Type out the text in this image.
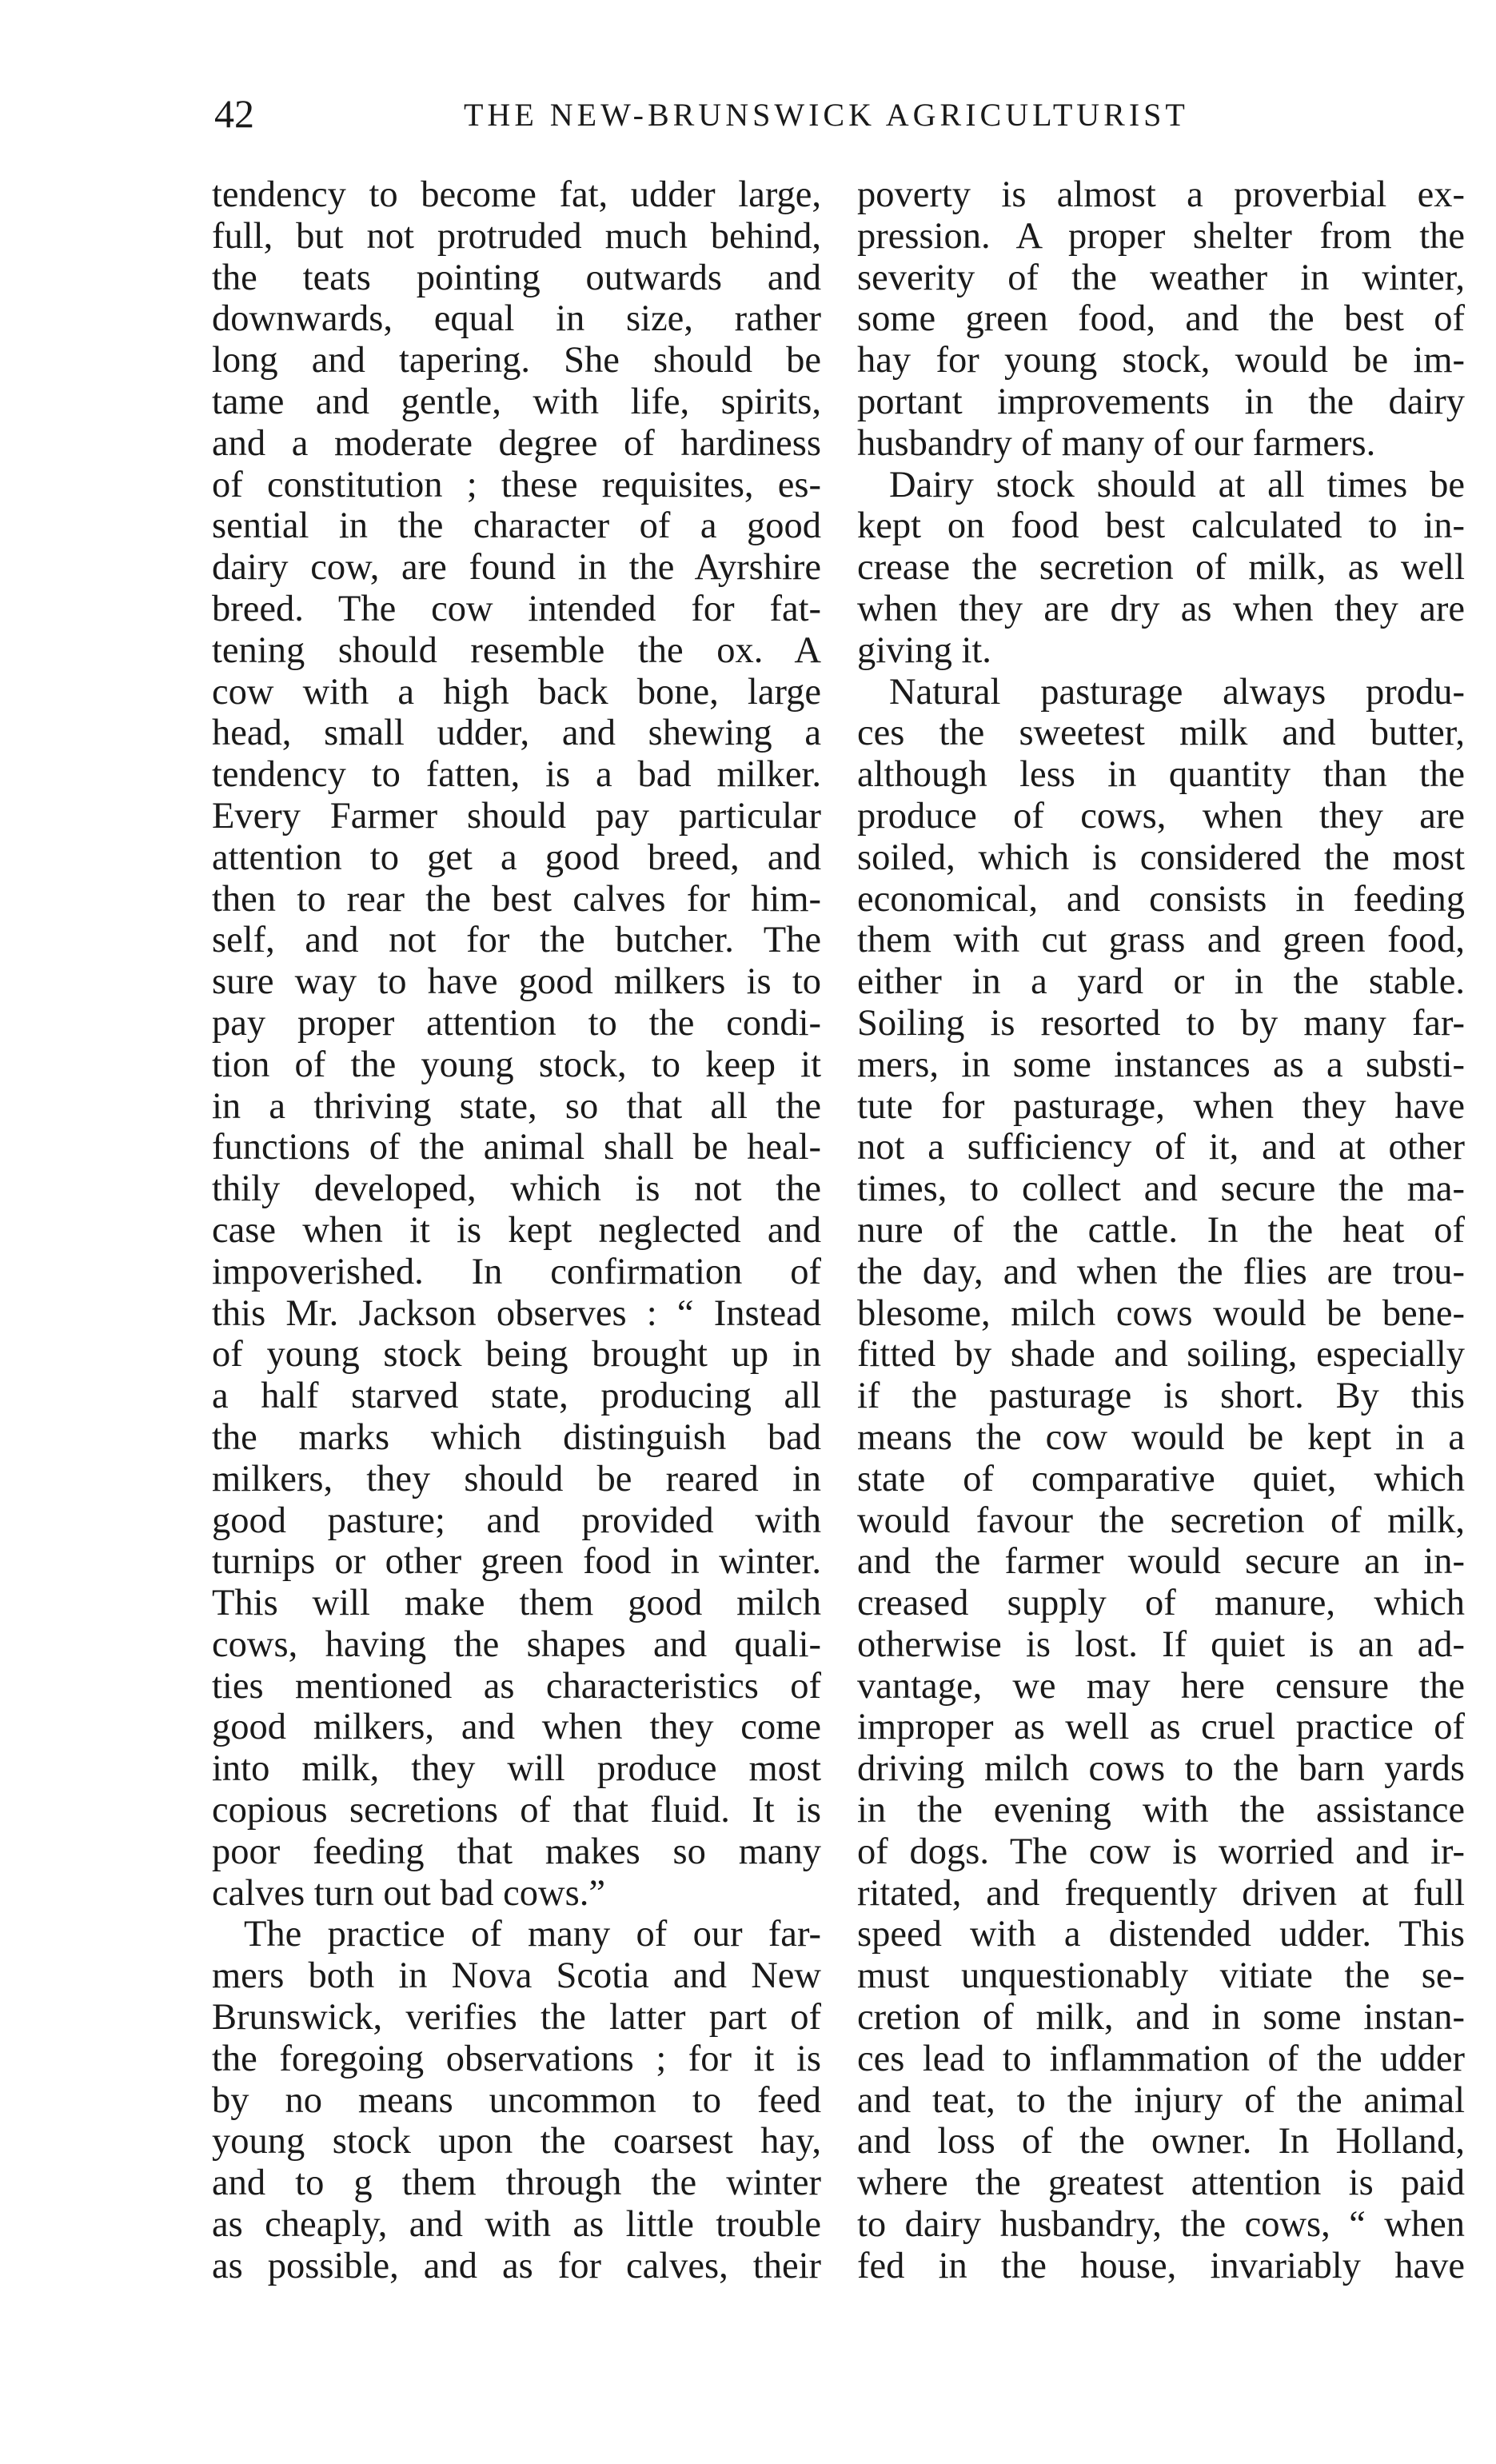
42	THE NEW-BRUNSWICK AGRICULTURIST
tendency to become fat, udder large,
full, but not protruded much behind,
the teats pointing outwards and
downwards, equal in size, rather
long and tapering. She should be
tame and gentle, with life, spirits,
and a moderate degree of hardiness
of constitution ; these requisites, es-
sential in the character of a good
dairy cow, are found in the Ayrshire
breed. The cow intended for fat-
tening should resemble the ox. A
cow with a high back bone, large
head, small udder, and shewing a
tendency to fatten, is a bad milker.
Every Farmer should pay particular
attention to get a good breed, and
then to rear the best calves for him-
self, and not for the butcher. The
sure way to have good milkers is to
pay proper attention to the condi-
tion of the young stock, to keep it
in a thriving state, so that all the
functions of the animal shall be heal-
thily developed, which is not the
case when it is kept neglected and
impoverished. In confirmation of
this Mr. Jackson observes : “ Instead
of young stock being brought up in
a half starved state, producing all
the marks which distinguish bad
milkers, they should be reared in
good pasture; and provided with
turnips or other green food in winter.
This will make them good milch
cows, having the shapes and quali-
ties mentioned as characteristics of
good milkers, and when they come
into milk, they will produce most
copious secretions of that fluid. It is
poor feeding that makes so many
calves turn out bad cows.”
The practice of many of our far-
mers both in Nova Scotia and New
Brunswick, verifies the latter part of
the foregoing observations ; for it is
by no means uncommon to feed
young stock upon the coarsest hay,
and to g them through the winter
as cheaply, and with as little trouble
as possible, and as for calves, their
poverty is almost a proverbial ex-
pression. A proper shelter from the
severity of the weather in winter,
some green food, and the best of
hay for young stock, would be im-
portant improvements in the dairy
husbandry of many of our farmers.
Dairy stock should at all times be
kept on food best calculated to in-
crease the secretion of milk, as well
when they are dry as when they are
giving it.
Natural pasturage always produ-
ces the sweetest milk and butter,
although less in quantity than the
produce of cows, when they are
soiled, which is considered the most
economical, and consists in feeding
them with cut grass and green food,
either in a yard or in the stable.
Soiling is resorted to by many far-
mers, in some instances as a substi-
tute for pasturage, when they have
not a sufficiency of it, and at other
times, to collect and secure the ma-
nure of the cattle. In the heat of
the day, and when the flies are trou-
blesome, milch cows would be bene-
fitted by shade and soiling, especially
if the pasturage is short. By this
means the cow would be kept in a
state of comparative quiet, which
would favour the secretion of milk,
and the farmer would secure an in-
creased supply of manure, which
otherwise is lost. If quiet is an ad-
vantage, we may here censure the
improper as well as cruel practice of
driving milch cows to the barn yards
in the evening with the assistance
of dogs. The cow is worried and ir-
ritated, and frequently driven at full
speed with a distended udder. This
must unquestionably vitiate the se-
cretion of milk, and in some instan-
ces lead to inflammation of the udder
and teat, to the injury of the animal
and loss of the owner. In Holland,
where the greatest attention is paid
to dairy husbandry, the cows, “ when
fed in the house, invariably have
